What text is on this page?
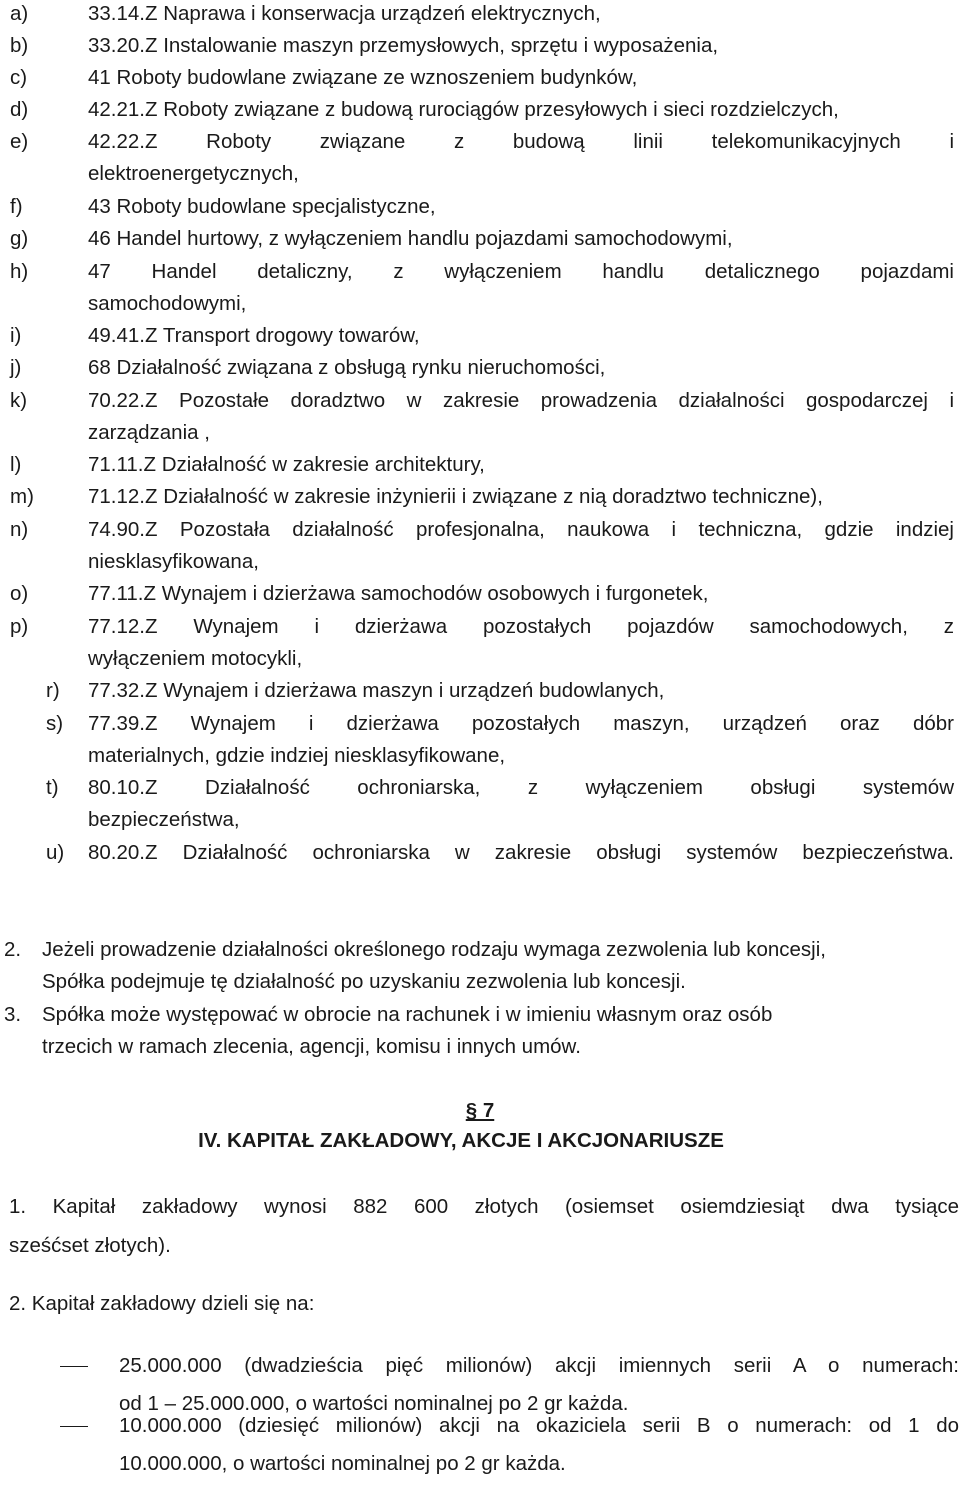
a)	33.14.Z Naprawa i konserwacja urządzeń elektrycznych,
b)	33.20.Z Instalowanie maszyn przemysłowych, sprzętu i wyposażenia,
c)	41 Roboty budowlane związane ze wznoszeniem budynków,
d)	42.21.Z Roboty związane z budową rurociągów przesyłowych i sieci rozdzielczych,
e)	42.22.Z Roboty związane z budową linii telekomunikacyjnych i
elektroenergetycznych,
f)	43 Roboty budowlane specjalistyczne,
g)	46 Handel hurtowy, z wyłączeniem handlu pojazdami samochodowymi,
h)	47 Handel detaliczny, z wyłączeniem handlu detalicznego pojazdami
samochodowymi,
i)	49.41.Z Transport drogowy towarów,
j)	68 Działalność związana z obsługą rynku nieruchomości,
k)	70.22.Z Pozostałe doradztwo w zakresie prowadzenia działalności gospodarczej i
zarządzania ,
l)	71.11.Z Działalność w zakresie architektury,
m)	71.12.Z Działalność w zakresie inżynierii i związane z nią doradztwo techniczne),
n)	74.90.Z Pozostała działalność profesjonalna, naukowa i techniczna, gdzie indziej
niesklasyfikowana,
o)	77.11.Z Wynajem i dzierżawa samochodów osobowych i furgonetek,
p)	77.12.Z Wynajem i dzierżawa pozostałych pojazdów samochodowych, z
wyłączeniem motocykli,
r) 77.32.Z Wynajem i dzierżawa maszyn i urządzeń budowlanych,
s) 77.39.Z Wynajem i dzierżawa pozostałych maszyn, urządzeń oraz dóbr
materialnych, gdzie indziej niesklasyfikowane,
t) 80.10.Z Działalność ochroniarska, z wyłączeniem obsługi systemów
bezpieczeństwa,
u) 80.20.Z Działalność ochroniarska w zakresie obsługi systemów bezpieczeństwa.
2. Jeżeli prowadzenie działalności określonego rodzaju wymaga zezwolenia lub koncesji,
Spółka podejmuje tę działalność po uzyskaniu zezwolenia lub koncesji.
3. Spółka może występować w obrocie na rachunek i w imieniu własnym oraz osób
trzecich w ramach zlecenia, agencji, komisu i innych umów.
§ 7
IV. KAPITAŁ ZAKŁADOWY, AKCJE I AKCJONARIUSZE
1. Kapitał zakładowy wynosi 882 600 złotych (osiemset osiemdziesiąt dwa tysiące
sześćset złotych).
2. Kapitał zakładowy dzieli się na:
25.000.000 (dwadzieścia pięć milionów) akcji imiennych serii A o numerach:
od 1 – 25.000.000, o wartości nominalnej po 2 gr każda.
10.000.000 (dziesięć milionów) akcji na okaziciela serii B o numerach: od 1 do
10.000.000, o wartości nominalnej po 2 gr każda.
